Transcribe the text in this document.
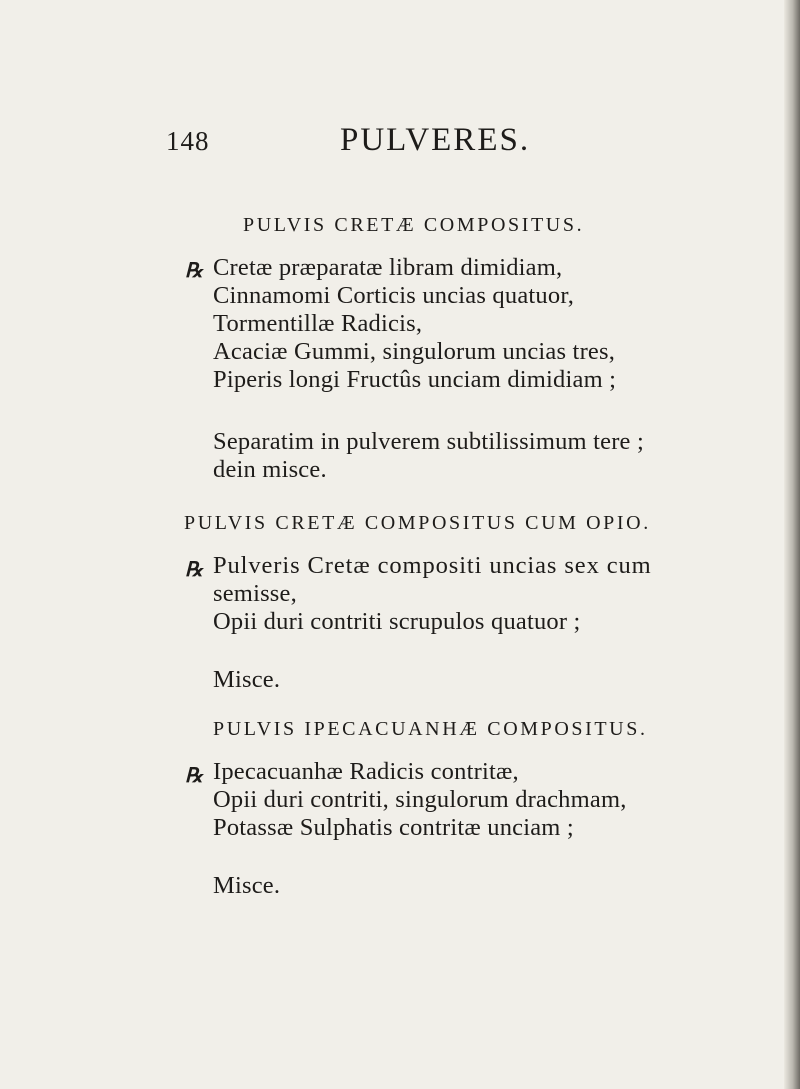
148	PULVERES.
PULVIS CRETÆ COMPOSITUS.
℞ Cretæ præparatæ libram dimidiam,
Cinnamomi Corticis uncias quatuor,
Tormentillæ Radicis,
Acaciæ Gummi, singulorum uncias tres,
Piperis longi Fructûs unciam dimidiam ;
Separatim in pulverem subtilissimum tere ;
dein misce.
PULVIS CRETÆ COMPOSITUS CUM OPIO.
℞ Pulveris Cretæ compositi uncias sex cum
semisse,
Opii duri contriti scrupulos quatuor ;
Misce.
PULVIS IPECACUANHÆ COMPOSITUS.
℞ Ipecacuanhæ Radicis contritæ,
Opii duri contriti, singulorum drachmam,
Potassæ Sulphatis contritæ unciam ;
Misce.
